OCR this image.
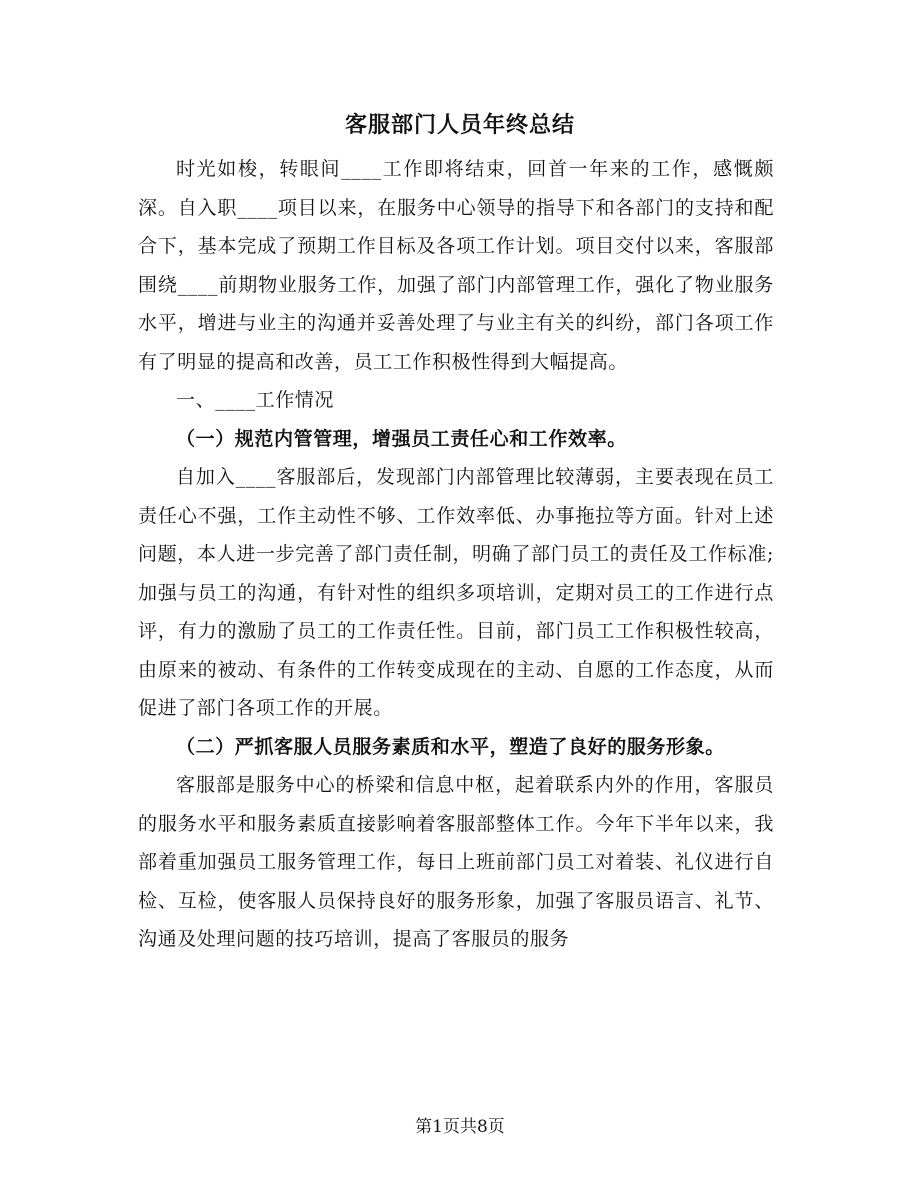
客服部门人员年终总结

时光如梭，转眼间____工作即将结束，回首一年来的工作，感慨颇深。自入职____项目以来，在服务中心领导的指导下和各部门的支持和配合下，基本完成了预期工作目标及各项工作计划。项目交付以来，客服部围绕____前期物业服务工作，加强了部门内部管理工作，强化了物业服务水平，增进与业主的沟通并妥善处理了与业主有关的纠纷，部门各项工作有了明显的提高和改善，员工工作积极性得到大幅提高。

一、____工作情况

（一）规范内管管理，增强员工责任心和工作效率。

自加入____客服部后，发现部门内部管理比较薄弱，主要表现在员工责任心不强，工作主动性不够、工作效率低、办事拖拉等方面。针对上述问题，本人进一步完善了部门责任制，明确了部门员工的责任及工作标准;加强与员工的沟通，有针对性的组织多项培训，定期对员工的工作进行点评，有力的激励了员工的工作责任性。目前，部门员工工作积极性较高，由原来的被动、有条件的工作转变成现在的主动、自愿的工作态度，从而促进了部门各项工作的开展。

（二）严抓客服人员服务素质和水平，塑造了良好的服务形象。

客服部是服务中心的桥梁和信息中枢，起着联系内外的作用，客服员的服务水平和服务素质直接影响着客服部整体工作。今年下半年以来，我部着重加强员工服务管理工作，每日上班前部门员工对着装、礼仪进行自检、互检，使客服人员保持良好的服务形象，加强了客服员语言、礼节、沟通及处理问题的技巧培训，提高了客服员的服务

第1页共8页
